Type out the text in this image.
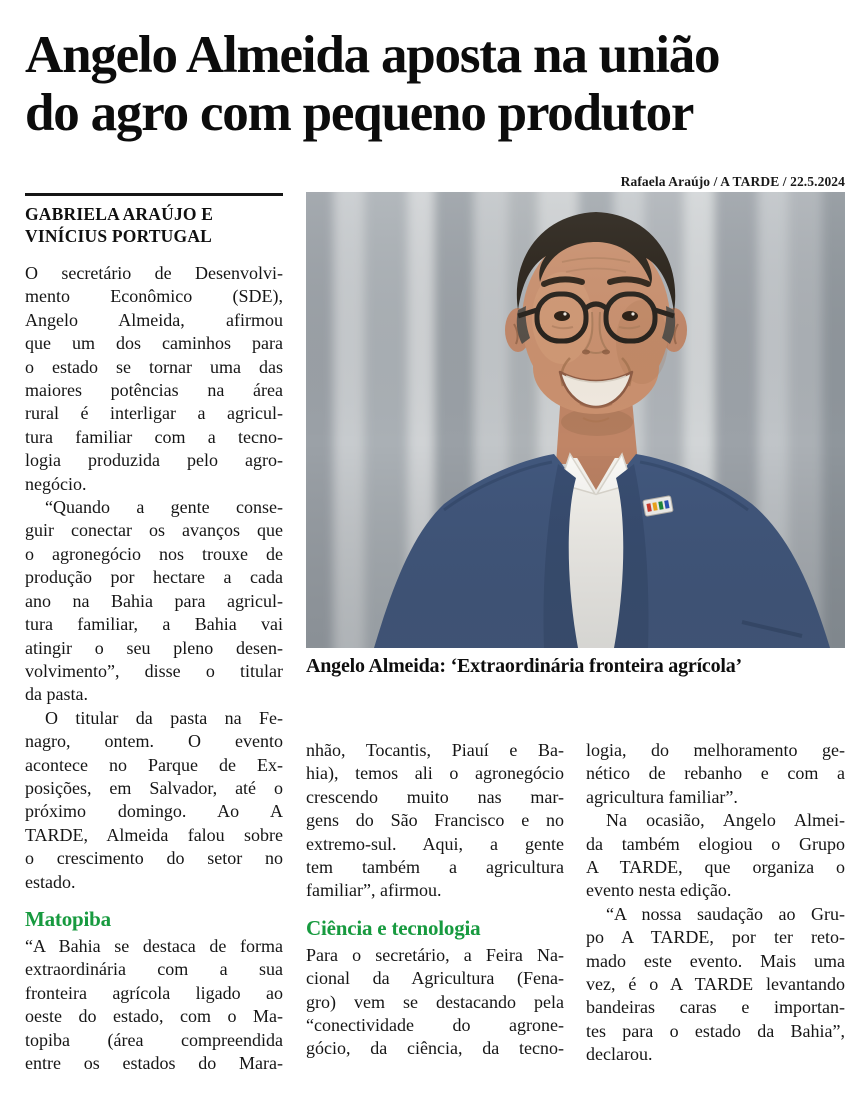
Angelo Almeida aposta na união
do agro com pequeno produtor
Rafaela Araújo / A TARDE / 22.5.2024
GABRIELA ARAÚJO E
VINÍCIUS PORTUGAL
O secretário de Desenvolvi-
mento Econômico (SDE),
Angelo Almeida, afirmou
que um dos caminhos para
o estado se tornar uma das
maiores potências na área
rural é interligar a agricul-
tura familiar com a tecno-
logia produzida pelo agro-
negócio.
“Quando a gente conse-
guir conectar os avanços que
o agronegócio nos trouxe de
produção por hectare a cada
ano na Bahia para agricul-
tura familiar, a Bahia vai
atingir o seu pleno desen-
volvimento”, disse o titular
da pasta.
O titular da pasta na Fe-
nagro, ontem. O evento
acontece no Parque de Ex-
posições, em Salvador, até o
próximo domingo. Ao A
TARDE, Almeida falou sobre
o crescimento do setor no
estado.
Matopiba
“A Bahia se destaca de forma
extraordinária com a sua
fronteira agrícola ligado ao
oeste do estado, com o Ma-
topiba (área compreendida
entre os estados do Mara-
Angelo Almeida: ‘Extraordinária fronteira agrícola’
nhão, Tocantis, Piauí e Ba-
hia), temos ali o agronegócio
crescendo muito nas mar-
gens do São Francisco e no
extremo-sul. Aqui, a gente
tem também a agricultura
familiar”, afirmou.
Ciência e tecnologia
Para o secretário, a Feira Na-
cional da Agricultura (Fena-
gro) vem se destacando pela
“conectividade do agrone-
gócio, da ciência, da tecno-
logia, do melhoramento ge-
nético de rebanho e com a
agricultura familiar”.
Na ocasião, Angelo Almei-
da também elogiou o Grupo
A TARDE, que organiza o
evento nesta edição.
“A nossa saudação ao Gru-
po A TARDE, por ter reto-
mado este evento. Mais uma
vez, é o A TARDE levantando
bandeiras caras e importan-
tes para o estado da Bahia”,
declarou.
